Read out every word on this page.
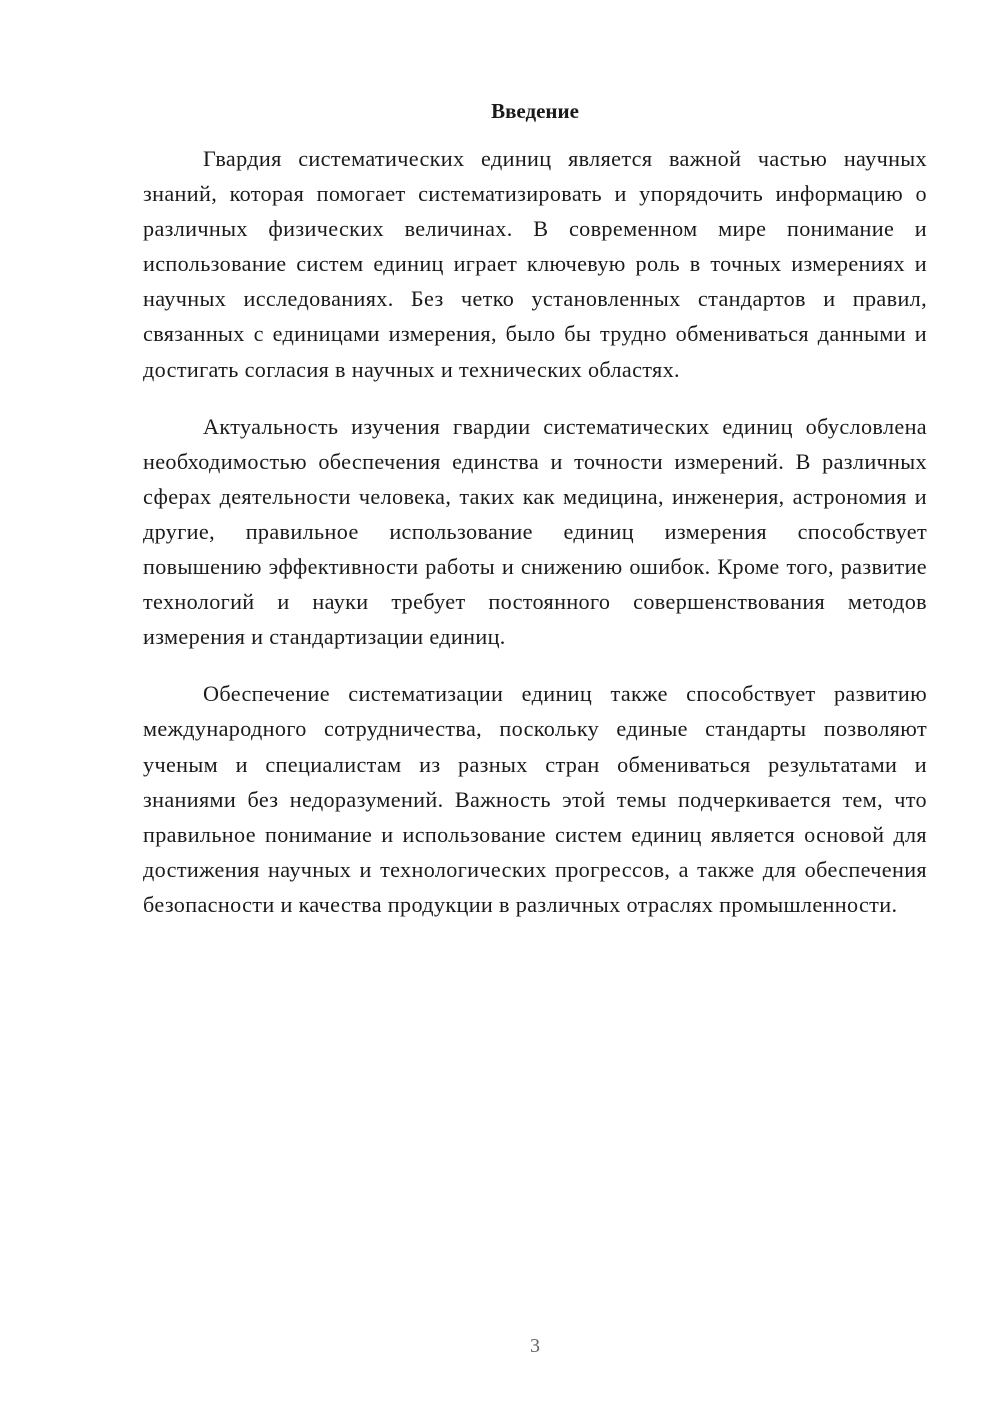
Введение

Гвардия систематических единиц является важной частью научных знаний, которая помогает систематизировать и упорядочить информацию о различных физических величинах. В современном мире понимание и использование систем единиц играет ключевую роль в точных измерениях и научных исследованиях. Без четко установленных стандартов и правил, связанных с единицами измерения, было бы трудно обмениваться данными и достигать согласия в научных и технических областях.

Актуальность изучения гвардии систематических единиц обусловлена необходимостью обеспечения единства и точности измерений. В различных сферах деятельности человека, таких как медицина, инженерия, астрономия и другие, правильное использование единиц измерения способствует повышению эффективности работы и снижению ошибок. Кроме того, развитие технологий и науки требует постоянного совершенствования методов измерения и стандартизации единиц.

Обеспечение систематизации единиц также способствует развитию международного сотрудничества, поскольку единые стандарты позволяют ученым и специалистам из разных стран обмениваться результатами и знаниями без недоразумений. Важность этой темы подчеркивается тем, что правильное понимание и использование систем единиц является основой для достижения научных и технологических прогрессов, а также для обеспечения безопасности и качества продукции в различных отраслях промышленности.

3
